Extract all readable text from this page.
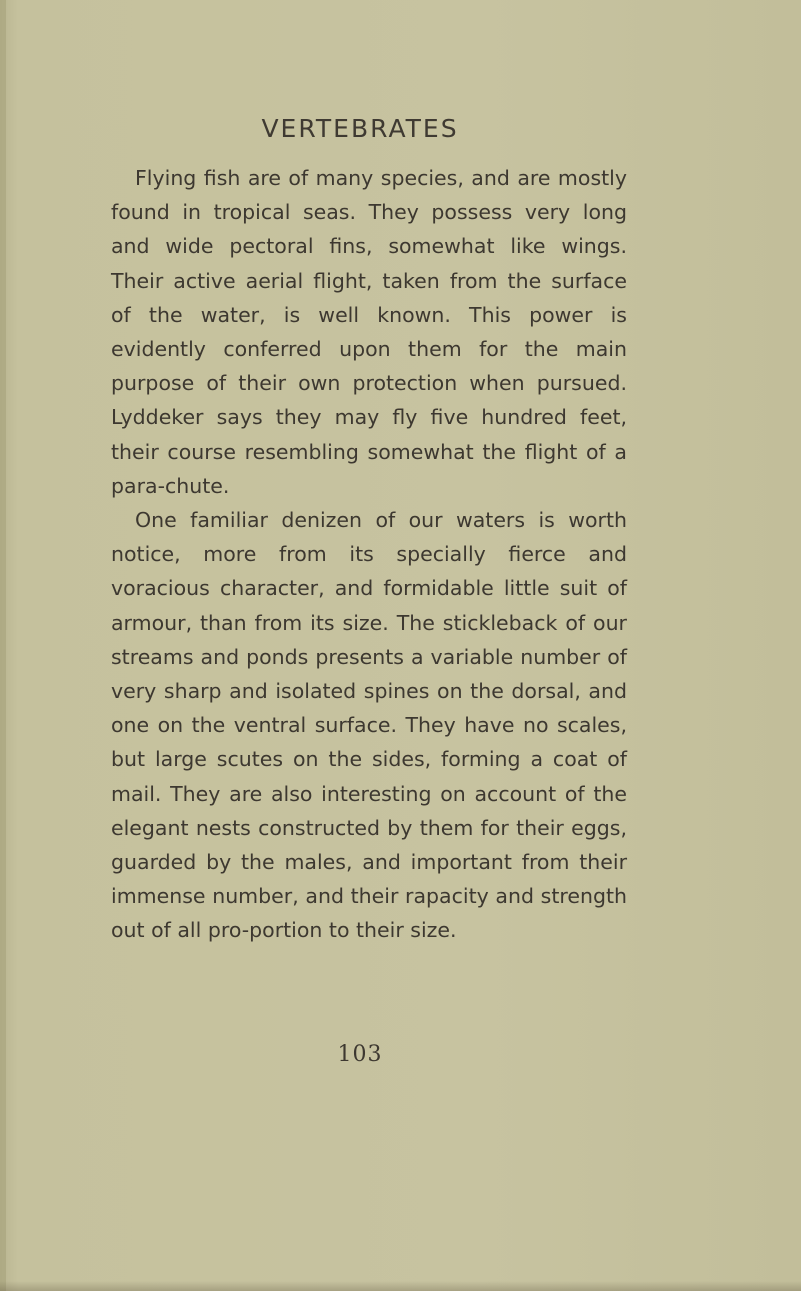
VERTEBRATES

Flying fish are of many species, and are mostly found in tropical seas. They possess very long and wide pectoral fins, somewhat like wings. Their active aerial flight, taken from the surface of the water, is well known. This power is evidently conferred upon them for the main purpose of their own protection when pursued. Lyddeker says they may fly five hundred feet, their course resembling somewhat the flight of a para-chute.

One familiar denizen of our waters is worth notice, more from its specially fierce and voracious character, and formidable little suit of armour, than from its size. The stickleback of our streams and ponds presents a variable number of very sharp and isolated spines on the dorsal, and one on the ventral surface. They have no scales, but large scutes on the sides, forming a coat of mail. They are also interesting on account of the elegant nests constructed by them for their eggs, guarded by the males, and important from their immense number, and their rapacity and strength out of all pro-portion to their size.

103
